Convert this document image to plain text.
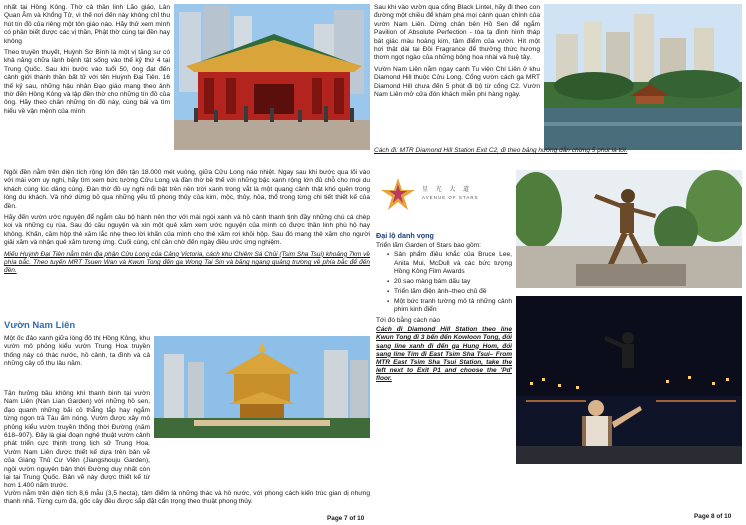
nhất tại Hồng Kông. Thờ cả thần linh Lão giáo, Lân Quan Âm và Khổng Tử, vì thế nơi đến này không chỉ thu hút tín đồ của riêng một tôn giáo nào. Hãy thử xem mình có phần biết được các vị thần, Phật thờ cúng tại đền hay không

Theo truyền thuyết, Huỳnh Sơ Bình là một vị tăng sư có khả năng chữa lành bệnh tật sống vào thế kỷ thứ 4 tại Trung Quốc. Sau khi bước vào tuổi 50, ông đạt đến cảnh giới thánh thần bất tử với tên Huỳnh Đại Tiên. 16 thế kỷ sau, những hậu nhân Đạo giáo mang theo ảnh thờ đến Hồng Kông và lập đền thờ cho những tín đồ của ông. Hãy theo chân những tín đồ này, cùng bái và tìm hiểu về vận mệnh của mình

Ngôi đền nằm trên diện tích rộng lớn đến tận 18.000 mét vuông, giữa Cửu Long náo nhiệt. Ngay sau khi bước qua lối vào với mái vòm uy nghi, hãy tìm xem bức tường Cửu Long và đàn thờ bề thế với những bậc xanh rộng lớn đủ chỗ cho mọi du khách cùng lúc dâng cúng. Đàn thờ đồ uy nghi nổi bật trên nền trời xanh trong vắt là một quang cảnh thật khó quên trong lòng du khách. Và nhớ dừng bỏ qua những yếu tố phong thủy của kim, mộc, thủy, hỏa, thổ trong từng chi tiết thiết kế của đền.

Hãy đến vườn ước nguyện để ngắm câu bộ hành nên thơ với mái ngói xanh và hồ cảnh thanh tịnh đầy những chú cá chép koi và những cụ rùa. Sau đó cầu nguyện và xin một quẻ xăm xem ước nguyện của mình có được thần linh phù hộ hay không. Khấn, cầm hộp thẻ xăm lắc nhẹ theo lời khấn của mình cho thẻ xăm rơi khỏi hộp. Sau đó mang thẻ xăm cho người giải xăm và nhận quẻ xăm tương ứng. Cuối cùng, chỉ cần chờ đến ngày điều ước ứng nghiệm.

Miếu Huỳnh Đại Tiên nằm trên địa phận Cửu Long của Cảng Victoria, cách khu Chiêm Sá Chủi (Tsim Sha Tsui) khoảng 7km về phía bắc. Theo tuyến MRT Tsuen Wan và Kwun Tong đến ga Wong Tai Sin và băng ngang quảng trường về phía bắc để đến đền.

Vườn Nam Liên

Một ốc đảo xanh giữa lòng đô thị Hồng Kông, khu vườn mô phỏng kiểu vườn Trung Hoa truyền thống này có thác nước, hồ cảnh, ta đình và cả những cây cổ thụ lâu năm.

Tận hưởng bầu không khí thanh bình tại vườn Nam Liên (Nan Lian Garden) với những hồ sen, đạo quanh những bãi cỏ thẳng tắp hay ngắm từng ngọn trà Tàu ấm nóng. Vườn được xây mô phỏng kiểu vườn truyền thống thời Đường (năm 618–907). Đây là giai đoạn nghệ thuật vườn cảnh phát triển cực thịnh trong lịch sử Trung Hoa. Vườn Nam Liên được thiết kế dựa trên bản vẽ của Giáng Thủ Cư Viên (Jiangshouju Garden), ngôi vườn nguyên bản thời Đường duy nhất còn lại tại Trung Quốc. Bản vẽ này được thiết kế từ hơn 1.400 năm trước.

Vườn nằm trên diện tích 8,6 mẫu (3,5 hecta), tâm điểm là những thác và hồ nước, với phong cách kiến trúc gian dị nhưng thanh nhã. Từng cụm đá, gốc cây đều được sắp đặt cẩn trọng theo thuật phong thủy.

Page 7 of 10

Sau khi vào vườn qua cổng Black Lintel, hãy đi theo con đường một chiều để khám phá mọi cảnh quan chính của vườn Nam Liên. Dừng chân bên Hồ Sen để ngắm Pavilion of Absolute Perfection - tòa tạ đình hình tháp bát giác màu hoàng kim, tâm điểm của vườn. Hít một hơi thật dài tại Đồi Fragrance để thưởng thức hương thơm ngọt ngào của những bông hoa nhài và huệ tây.

Vườn Nam Liên nằm ngay cạnh Tu viện Chí Liên ở khu Diamond Hill thuộc Cửu Long. Cổng vườn cách ga MRT Diamond Hill chưa đến 5 phút đi bộ từ cổng C2. Vườn Nam Liên mở cửa đón khách miễn phí hàng ngày.

Cách đi: MTR Diamond Hill Station Exit C2, đi theo bảng hướng dẫn chừng 5 phút là tới.

星 光 大 道
AVENUE OF STARS
Đại lộ danh vọng

Triển lãm Garden of Stars bao gồm:

▪ Sản phẩm điêu khắc của Bruce Lee, Anita Mui, McDull và các bức tượng Hồng Kông Film Awards
▪ 20 sao màng bám dấu tay
▪ Triển lãm điện ảnh–theo chủ đề
▪ Một bức tranh tường mô tả những cảnh phim kinh điển

Tới đó bằng cách nào

Cách đi Diamond Hill Station theo line Kwun Tong đi 3 bến đến Kowloon Tong, đổi sang line xanh đi đến ga Hung Hom, đổi sang line Tím đi East Tsim Sha Tsui– From MTR East Tsim Sha Tsui Station, take the left next to Exit P1 and choose the 'Pd' floor.

Page 8 of 10
